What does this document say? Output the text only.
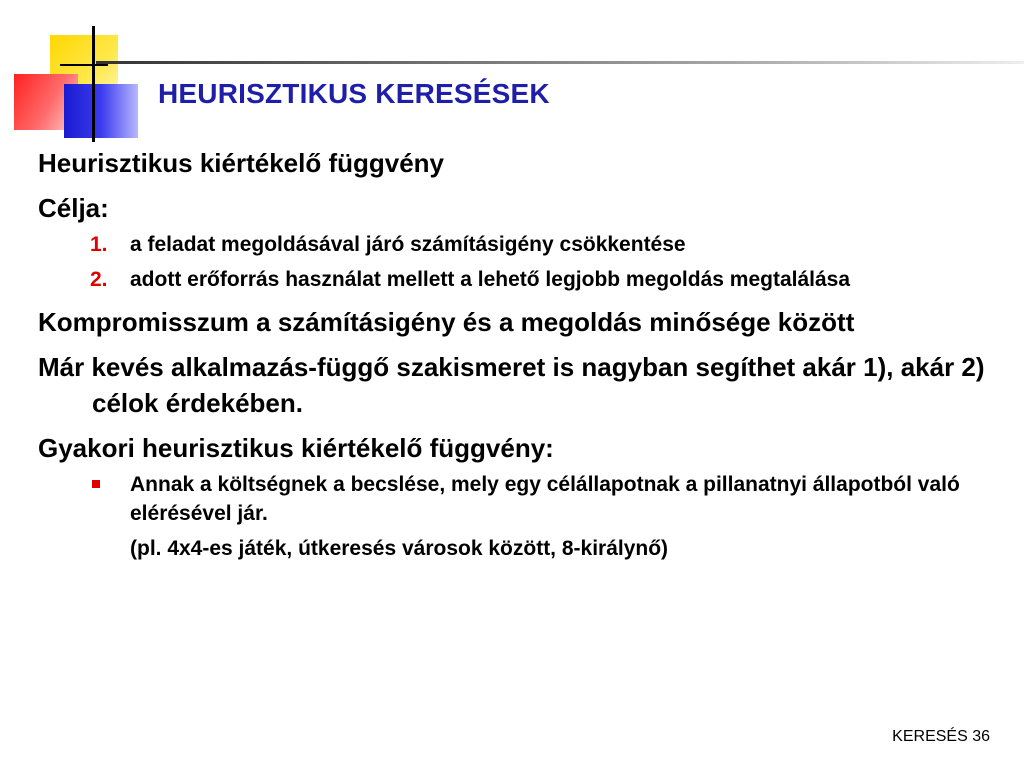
HEURISZTIKUS KERESÉSEK
Heurisztikus kiértékelő függvény
Célja:
1. a feladat megoldásával járó számításigény csökkentése
2. adott erőforrás használat mellett a lehető legjobb megoldás megtalálása
Kompromisszum a számításigény és a megoldás minősége között
Már kevés alkalmazás-függő szakismeret is nagyban segíthet akár 1), akár 2) célok érdekében.
Gyakori heurisztikus kiértékelő függvény:
Annak a költségnek a becslése, mely egy célállapotnak a pillanatnyi állapotból való elérésével jár.
(pl. 4x4-es játék, útkeresés városok között, 8-királynő)
KERESÉS 36
